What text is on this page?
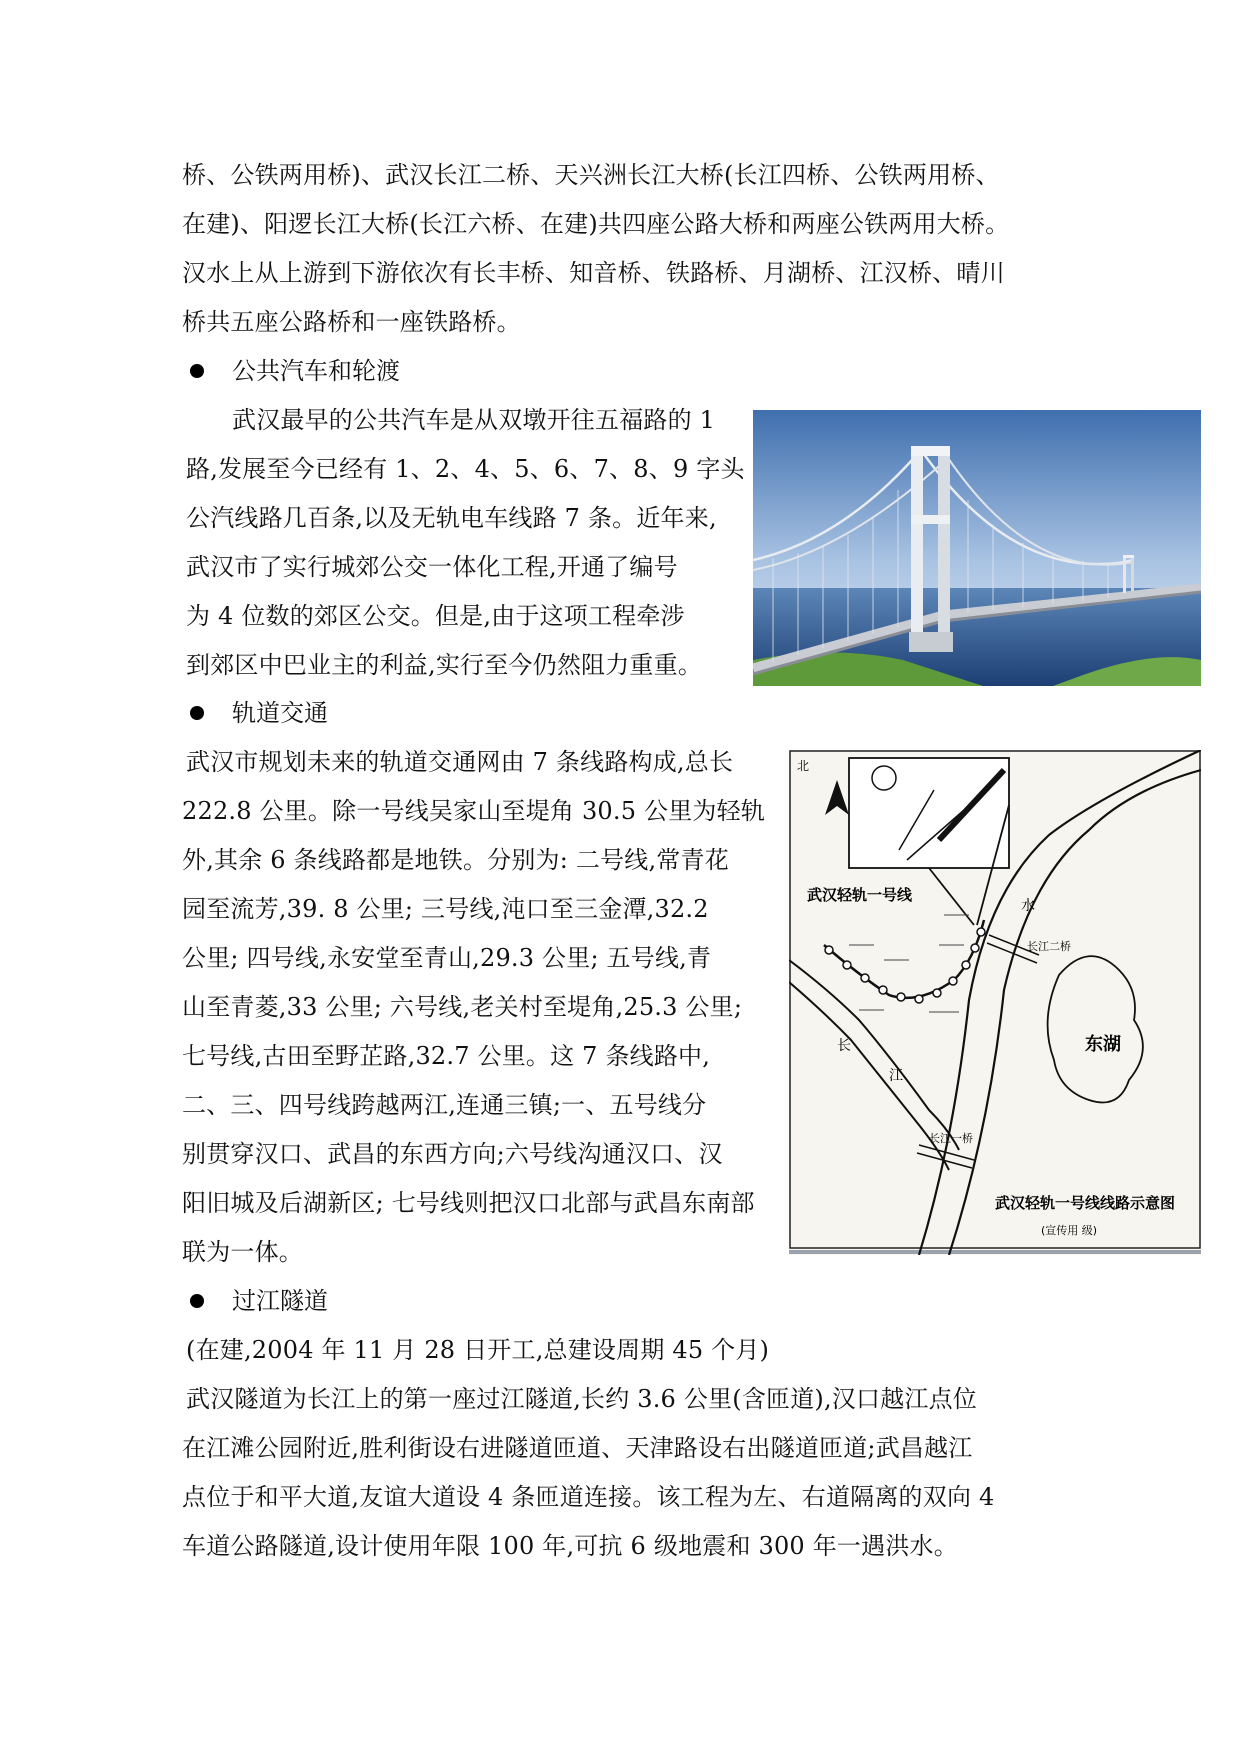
桥、公铁两用桥)、武汉长江二桥、天兴洲长江大桥(长江四桥、公铁两用桥、
在建)、阳逻长江大桥(长江六桥、在建)共四座公路大桥和两座公铁两用大桥。
汉水上从上游到下游依次有长丰桥、知音桥、铁路桥、月湖桥、江汉桥、晴川
桥共五座公路桥和一座铁路桥。
公共汽车和轮渡
武汉最早的公共汽车是从双墩开往五福路的 1
路,发展至今已经有 1、2、4、5、6、7、8、9 字头
公汽线路几百条,以及无轨电车线路 7 条。近年来,
武汉市了实行城郊公交一体化工程,开通了编号
为 4 位数的郊区公交。但是,由于这项工程牵涉
到郊区中巴业主的利益,实行至今仍然阻力重重。
轨道交通
武汉市规划未来的轨道交通网由 7 条线路构成,总长
222.8 公里。除一号线吴家山至堤角 30.5 公里为轻轨
外,其余 6 条线路都是地铁。分别为: 二号线,常青花
园至流芳,39. 8 公里; 三号线,沌口至三金潭,32.2
公里; 四号线,永安堂至青山,29.3 公里; 五号线,青
山至青菱,33 公里; 六号线,老关村至堤角,25.3 公里;
七号线,古田至野芷路,32.7 公里。这 7 条线路中,
二、三、四号线跨越两江,连通三镇;一、五号线分
别贯穿汉口、武昌的东西方向;六号线沟通汉口、汉
阳旧城及后湖新区; 七号线则把汉口北部与武昌东南部
联为一体。
北
武汉轻轨一号线
长江二桥
长江一桥
水
长
江
东湖
武汉轻轨一号线线路示意图
(宣传用 级)
过江隧道
(在建,2004 年 11 月 28 日开工,总建设周期 45 个月)
武汉隧道为长江上的第一座过江隧道,长约 3.6 公里(含匝道),汉口越江点位
在江滩公园附近,胜利街设右进隧道匝道、天津路设右出隧道匝道;武昌越江
点位于和平大道,友谊大道设 4 条匝道连接。该工程为左、右道隔离的双向 4
车道公路隧道,设计使用年限 100 年,可抗 6 级地震和 300 年一遇洪水。
